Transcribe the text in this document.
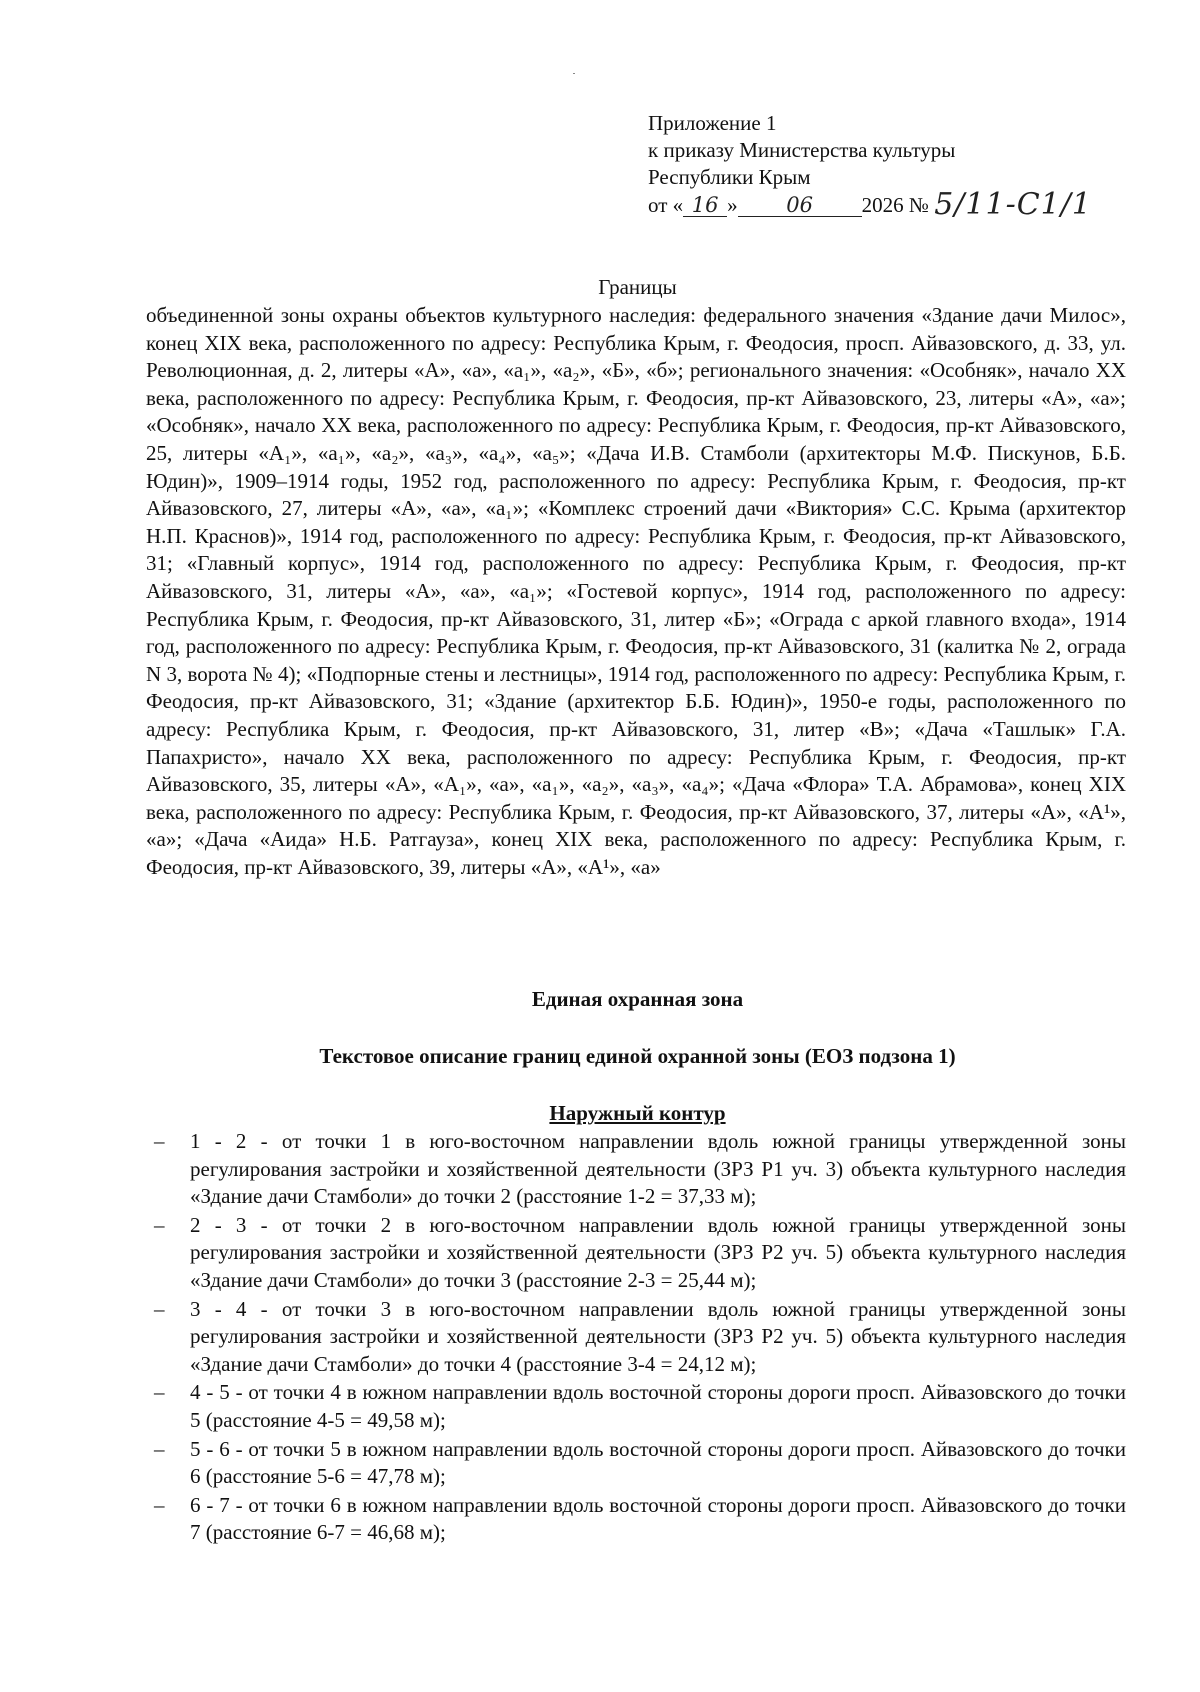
Приложение 1
к приказу Министерства культуры
Республики Крым
от « 16 » 06 2026 № 5/11-С1/1
Границы

объединенной зоны охраны объектов культурного наследия: федерального значения «Здание дачи Милос», конец XIX века, расположенного по адресу: Республика Крым, г. Феодосия, просп. Айвазовского, д. 33, ул. Революционная, д. 2, литеры «А», «а», «а₁», «а₂», «Б», «б»; регионального значения: «Особняк», начало XX века, расположенного по адресу: Республика Крым, г. Феодосия, пр-кт Айвазовского, 23, литеры «А», «а»; «Особняк», начало XX века, расположенного по адресу: Республика Крым, г. Феодосия, пр-кт Айвазовского, 25, литеры «А₁», «а₁», «а₂», «а₃», «а₄», «а₅»; «Дача И.В. Стамболи (архитекторы М.Ф. Пискунов, Б.Б. Юдин)», 1909–1914 годы, 1952 год, расположенного по адресу: Республика Крым, г. Феодосия, пр-кт Айвазовского, 27, литеры «А», «а», «а₁»; «Комплекс строений дачи «Виктория» С.С. Крыма (архитектор Н.П. Краснов)», 1914 год, расположенного по адресу: Республика Крым, г. Феодосия, пр-кт Айвазовского, 31; «Главный корпус», 1914 год, расположенного по адресу: Республика Крым, г. Феодосия, пр-кт Айвазовского, 31, литеры «А», «а», «а₁»; «Гостевой корпус», 1914 год, расположенного по адресу: Республика Крым, г. Феодосия, пр-кт Айвазовского, 31, литер «Б»; «Ограда с аркой главного входа», 1914 год, расположенного по адресу: Республика Крым, г. Феодосия, пр-кт Айвазовского, 31 (калитка № 2, ограда N 3, ворота № 4); «Подпорные стены и лестницы», 1914 год, расположенного по адресу: Республика Крым, г. Феодосия, пр-кт Айвазовского, 31; «Здание (архитектор Б.Б. Юдин)», 1950-е годы, расположенного по адресу: Республика Крым, г. Феодосия, пр-кт Айвазовского, 31, литер «В»; «Дача «Ташлык» Г.А. Папахристо», начало XX века, расположенного по адресу: Республика Крым, г. Феодосия, пр-кт Айвазовского, 35, литеры «А», «А₁», «а», «а₁», «а₂», «а₃», «а₄»; «Дача «Флора» Т.А. Абрамова», конец XIX века, расположенного по адресу: Республика Крым, г. Феодосия, пр-кт Айвазовского, 37, литеры «А», «А¹», «а»; «Дача «Аида» Н.Б. Ратгауза», конец XIX века, расположенного по адресу: Республика Крым, г. Феодосия, пр-кт Айвазовского, 39, литеры «А», «А¹», «а»

Единая охранная зона
Текстовое описание границ единой охранной зоны (ЕОЗ подзона 1)
Наружный контур
– 1 - 2 - от точки 1 в юго-восточном направлении вдоль южной границы утвержденной зоны регулирования застройки и хозяйственной деятельности (ЗРЗ Р1 уч. 3) объекта культурного наследия «Здание дачи Стамболи» до точки 2 (расстояние 1-2 = 37,33 м);
– 2 - 3 - от точки 2 в юго-восточном направлении вдоль южной границы утвержденной зоны регулирования застройки и хозяйственной деятельности (ЗРЗ Р2 уч. 5) объекта культурного наследия «Здание дачи Стамболи» до точки 3 (расстояние 2-3 = 25,44 м);
– 3 - 4 - от точки 3 в юго-восточном направлении вдоль южной границы утвержденной зоны регулирования застройки и хозяйственной деятельности (ЗРЗ Р2 уч. 5) объекта культурного наследия «Здание дачи Стамболи» до точки 4 (расстояние 3-4 = 24,12 м);
– 4 - 5 - от точки 4 в южном направлении вдоль восточной стороны дороги просп. Айвазовского до точки 5 (расстояние 4-5 = 49,58 м);
– 5 - 6 - от точки 5 в южном направлении вдоль восточной стороны дороги просп. Айвазовского до точки 6 (расстояние 5-6 = 47,78 м);
– 6 - 7 - от точки 6 в южном направлении вдоль восточной стороны дороги просп. Айвазовского до точки 7 (расстояние 6-7 = 46,68 м);
